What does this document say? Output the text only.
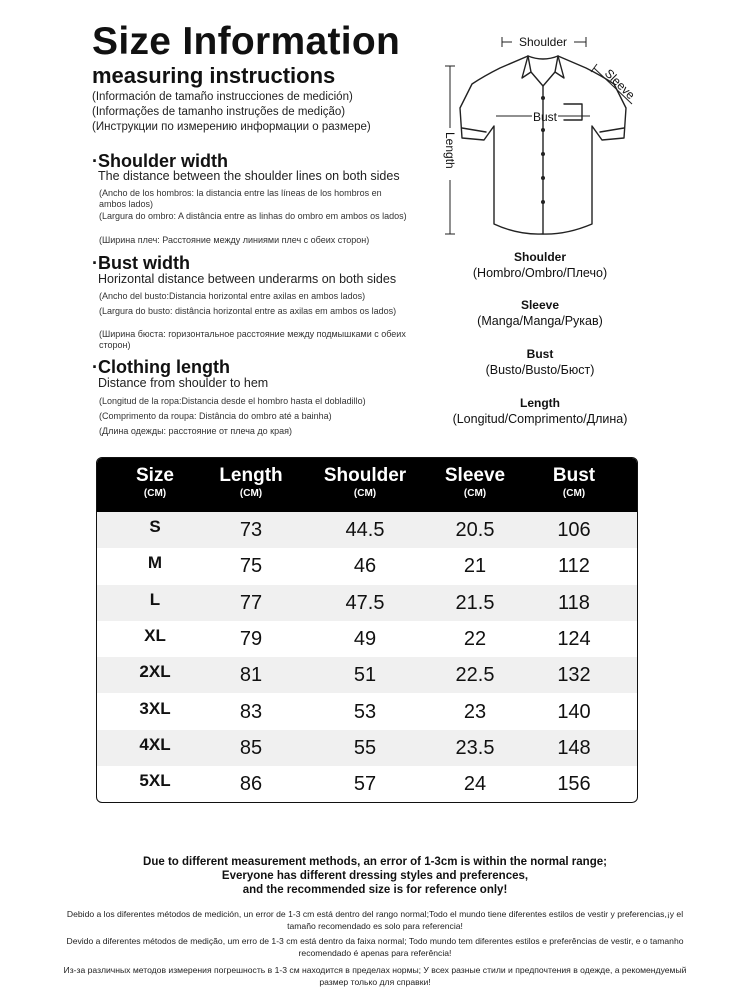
Size Information
measuring instructions
(Información de tamaño instrucciones de medición)
(Informações de tamanho instruções de medição)
(Инструкции по измерению информации о размере)
·Shoulder width
The distance between the shoulder lines on both sides
(Ancho de los hombros: la distancia entre las líneas de los hombros en ambos lados)
(Largura do ombro: A distância entre as linhas do ombro em ambos os lados)
(Ширина плеч: Расстояние между линиями плеч с обеих сторон)
·Bust width
Horizontal distance between underarms on both sides
(Ancho del busto:Distancia horizontal entre axilas en ambos lados)
(Largura do busto: distância horizontal entre as axilas em ambos os lados)
(Ширина бюста: горизонтальное расстояние между подмышками с обеих сторон)
·Clothing length
Distance from shoulder to hem
(Longitud de la ropa:Distancia desde el hombro hasta el dobladillo)
(Comprimento da roupa: Distância do ombro até a bainha)
(Длина одежды: расстояние от плеча до края)
Shoulder
Sleeve
Bust
Length
Shoulder
(Hombro/Ombro/Плечо)
Sleeve
(Manga/Manga/Рукав)
Bust
(Busto/Busto/Бюст)
Length
(Longitud/Comprimento/Длина)
Size
(CM)
Length
(CM)
Shoulder
(CM)
Sleeve
(CM)
Bust
(CM)
S	73	44.5	20.5	106
M	75	46	21	112
L	77	47.5	21.5	118
XL	79	49	22	124
2XL	81	51	22.5	132
3XL	83	53	23	140
4XL	85	55	23.5	148
5XL	86	57	24	156
Due to different measurement methods, an error of 1-3cm is within the normal range;
Everyone has different dressing styles and preferences,
and the recommended size is for reference only!
Debido a los diferentes métodos de medición, un error de 1-3 cm está dentro del rango normal;Todo el mundo tiene diferentes estilos de vestir y preferencias,¡y el tamaño recomendado es solo para referencia!
Devido a diferentes métodos de medição, um erro de 1-3 cm está dentro da faixa normal; Todo mundo tem diferentes estilos e preferências de vestir, e o tamanho recomendado é apenas para referência!
Из-за различных методов измерения погрешность в 1-3 см находится в пределах нормы; У всех разные стили и предпочтения в одежде, а рекомендуемый размер только для справки!
